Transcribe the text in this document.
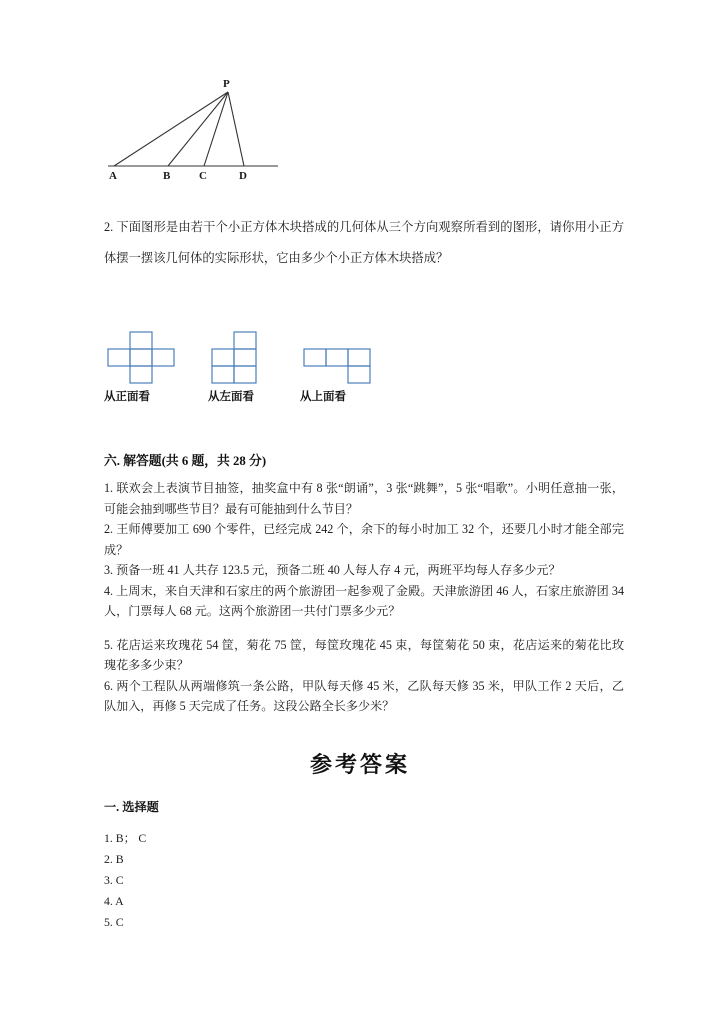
P
A	B	C	D
2. 下面图形是由若干个小正方体木块搭成的几何体从三个方向观察所看到的图形，请你用小正方体摆一摆该几何体的实际形状，它由多少个小正方体木块搭成？
从正面看	从左面看	从上面看
六. 解答题(共 6 题，共 28 分)

1. 联欢会上表演节目抽签，抽奖盒中有 8 张“朗诵”，3 张“跳舞”，5 张“唱歌”。小明任意抽一张，可能会抽到哪些节目？最有可能抽到什么节目？

2. 王师傅要加工 690 个零件，已经完成 242 个，余下的每小时加工 32 个，还要几小时才能全部完成？

3. 预备一班 41 人共存 123.5 元，预备二班 40 人每人存 4 元，两班平均每人存多少元？

4. 上周末，来自天津和石家庄的两个旅游团一起参观了金殿。天津旅游团 46 人，石家庄旅游团 34 人，门票每人 68 元。这两个旅游团一共付门票多少元？

5. 花店运来玫瑰花 54 筐，菊花 75 筐，每筐玫瑰花 45 束，每筐菊花 50 束，花店运来的菊花比玫瑰花多多少束？

6. 两个工程队从两端修筑一条公路，甲队每天修 45 米，乙队每天修 35 米，甲队工作 2 天后，乙队加入，再修 5 天完成了任务。这段公路全长多少米？

参考答案
一. 选择题

1. B； C

2. B

3. C

4. A

5. C
